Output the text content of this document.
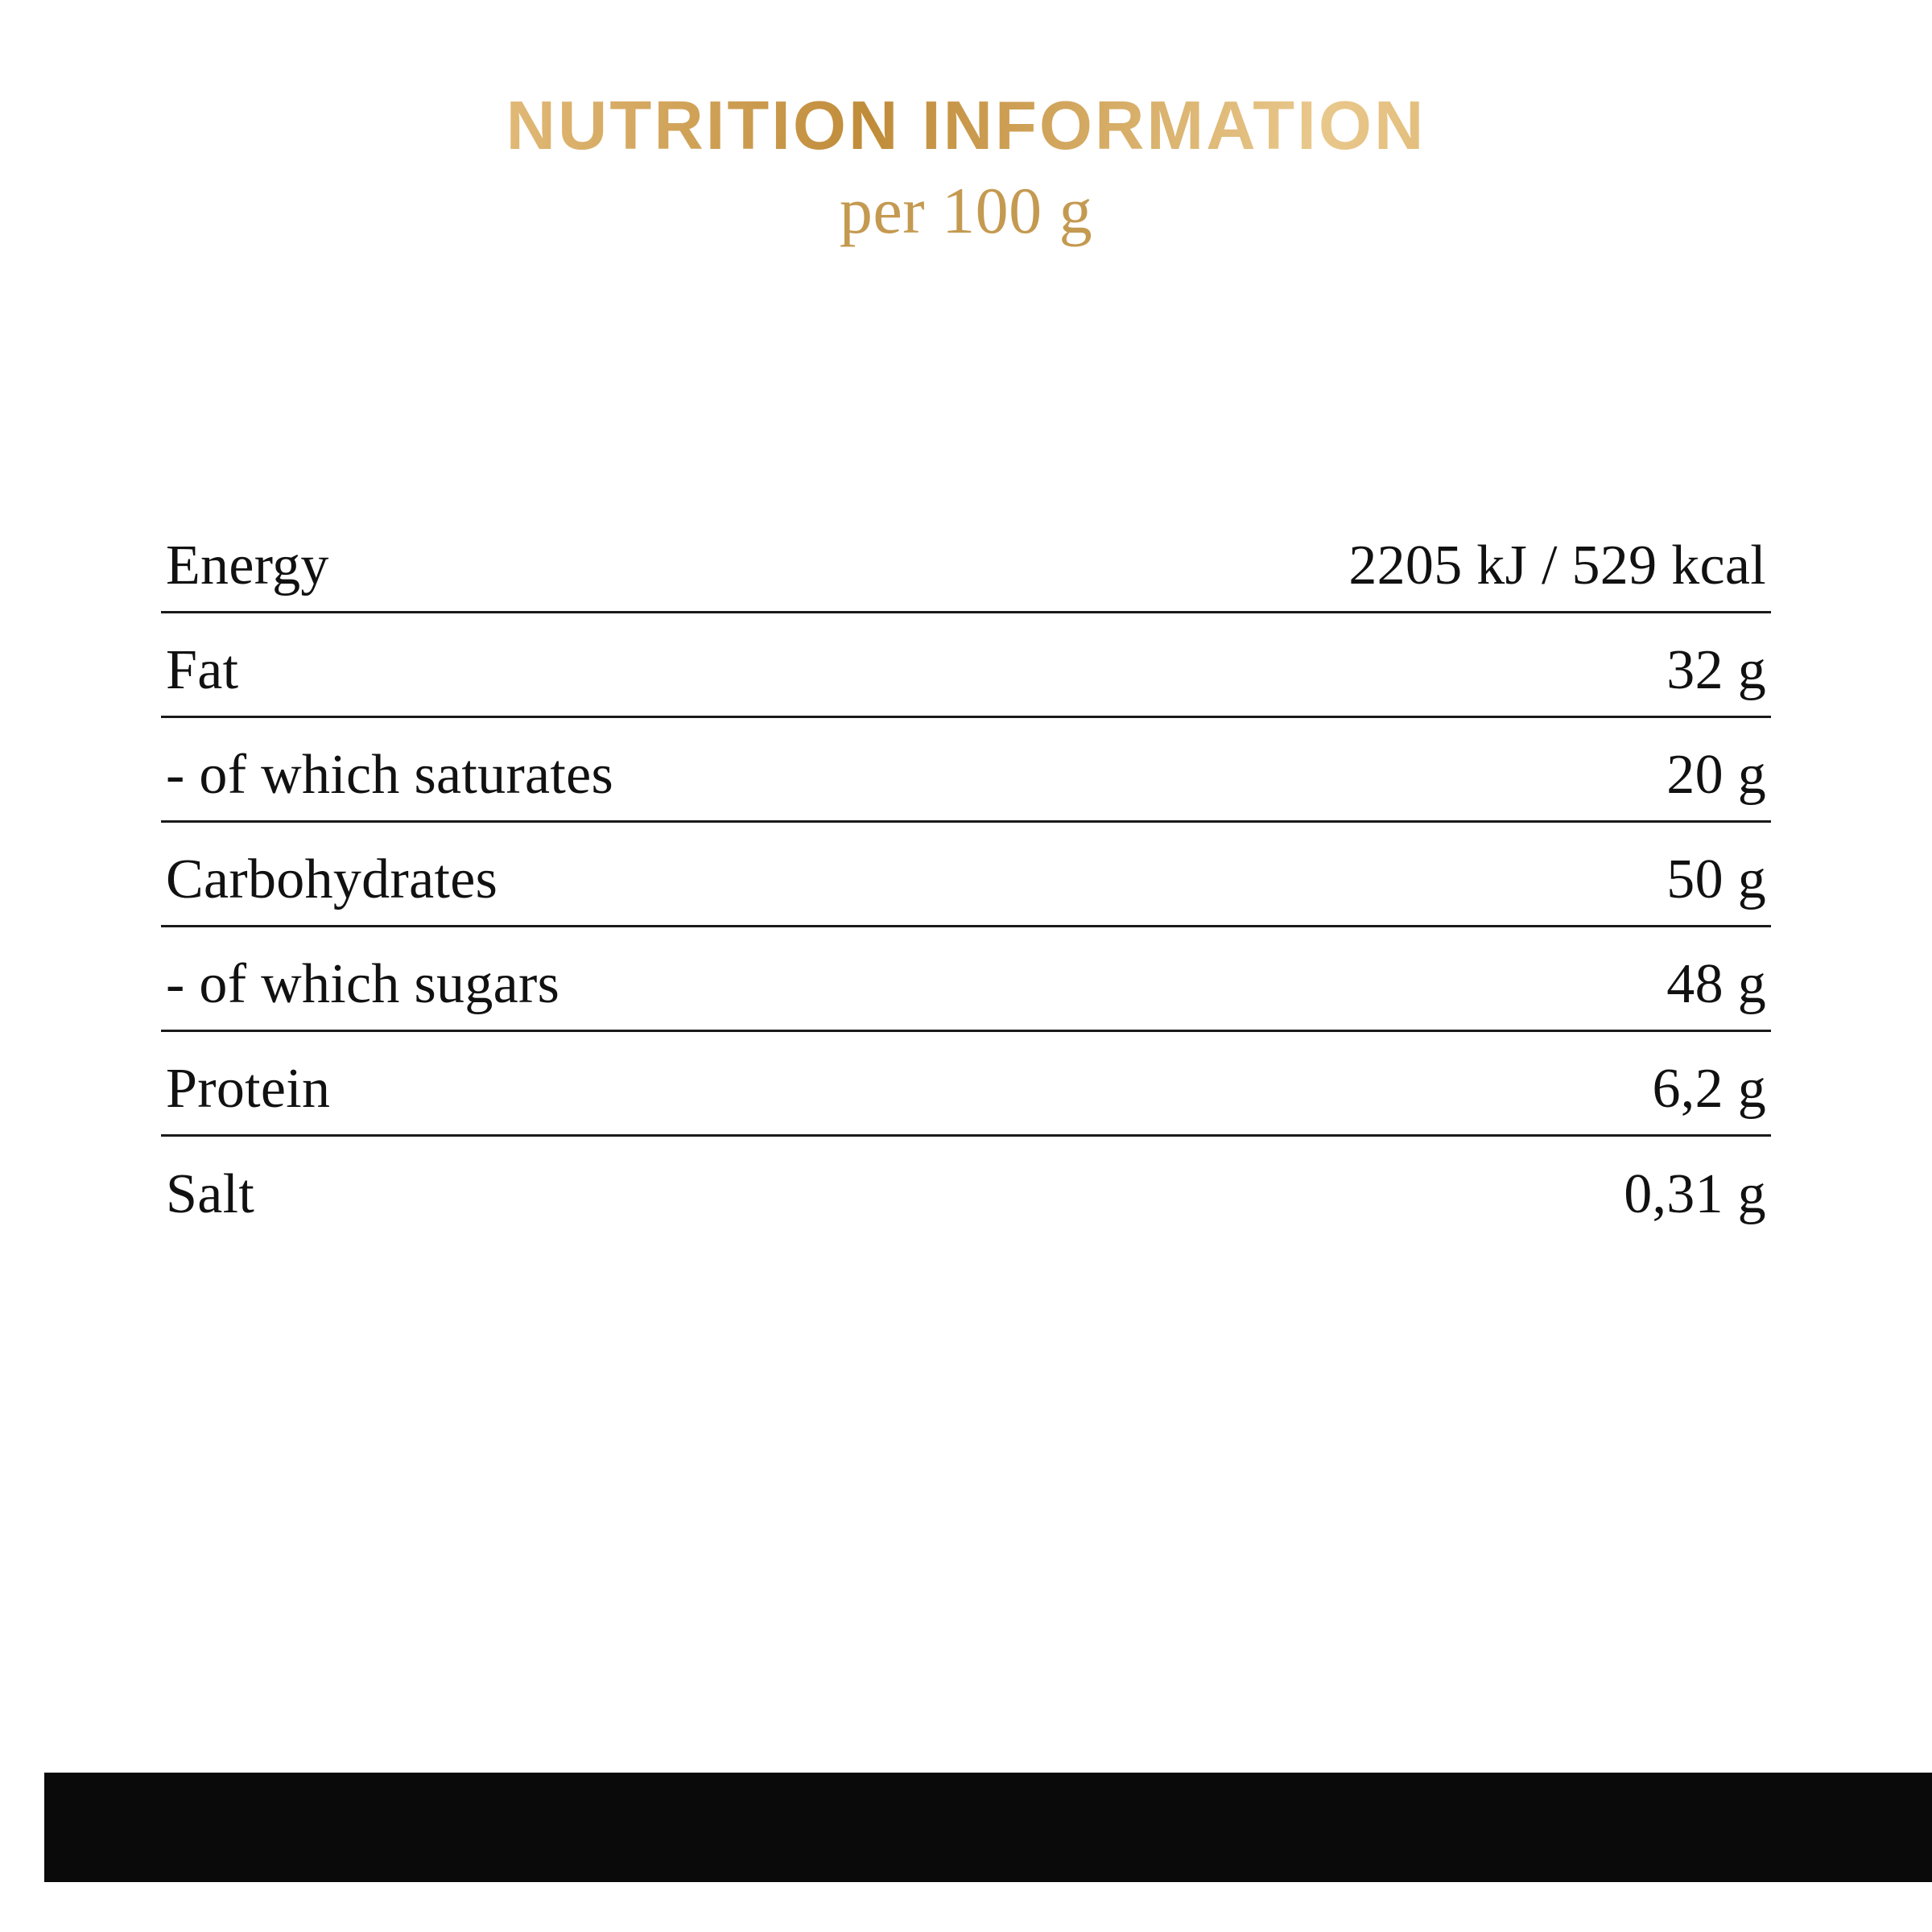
NUTRITION INFORMATION
per 100 g
Energy	2205 kJ / 529 kcal
Fat	32 g
- of which saturates	20 g
Carbohydrates	50 g
- of which sugars	48 g
Protein	6,2 g
Salt	0,31 g
